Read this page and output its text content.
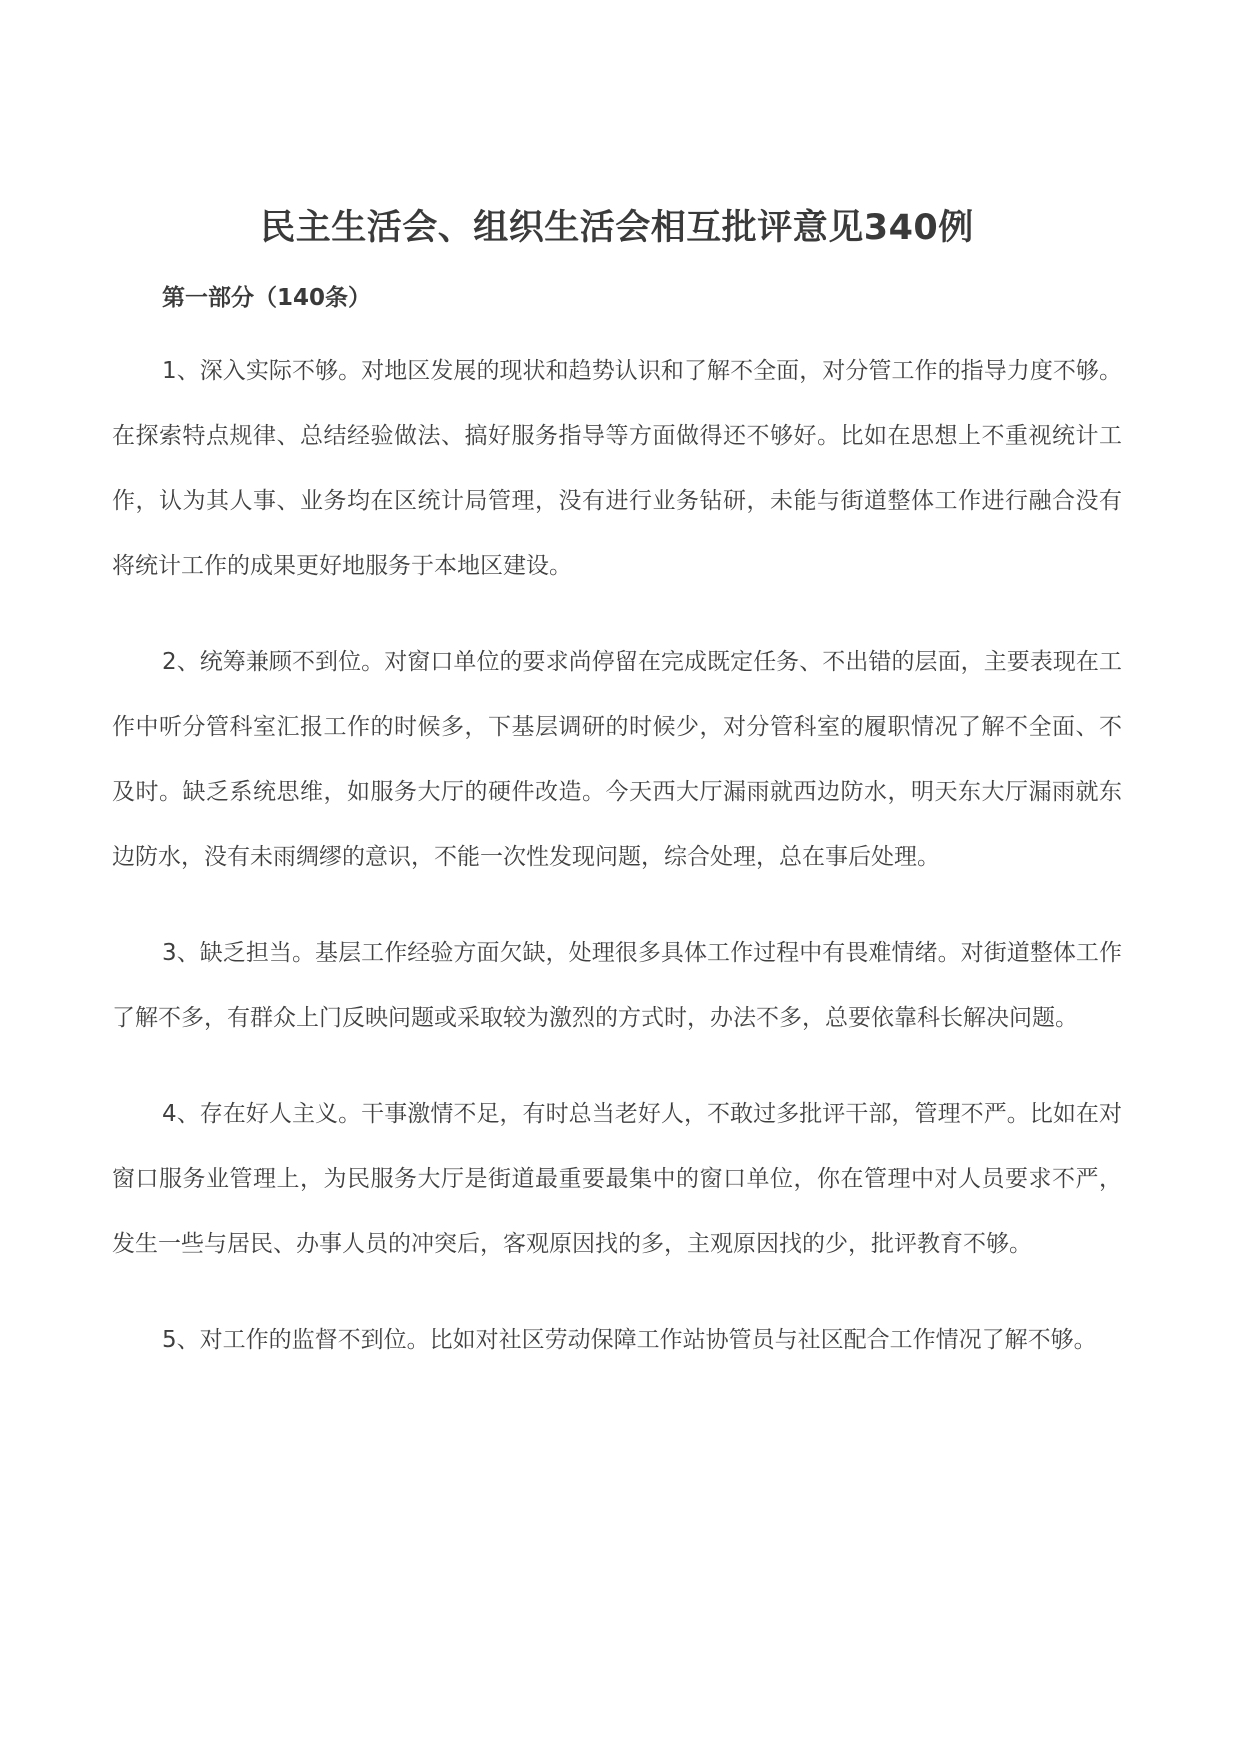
民主生活会、组织生活会相互批评意见340例
第一部分（140条）

1、深入实际不够。对地区发展的现状和趋势认识和了解不全面，对分管工作的指导力度不够。在探索特点规律、总结经验做法、搞好服务指导等方面做得还不够好。比如在思想上不重视统计工作，认为其人事、业务均在区统计局管理，没有进行业务钻研，未能与街道整体工作进行融合没有将统计工作的成果更好地服务于本地区建设。

2、统筹兼顾不到位。对窗口单位的要求尚停留在完成既定任务、不出错的层面，主要表现在工作中听分管科室汇报工作的时候多，下基层调研的时候少，对分管科室的履职情况了解不全面、不及时。缺乏系统思维，如服务大厅的硬件改造。今天西大厅漏雨就西边防水，明天东大厅漏雨就东边防水，没有未雨绸缪的意识，不能一次性发现问题，综合处理，总在事后处理。

3、缺乏担当。基层工作经验方面欠缺，处理很多具体工作过程中有畏难情绪。对街道整体工作了解不多，有群众上门反映问题或采取较为激烈的方式时，办法不多，总要依靠科长解决问题。

4、存在好人主义。干事激情不足，有时总当老好人，不敢过多批评干部，管理不严。比如在对窗口服务业管理上，为民服务大厅是街道最重要最集中的窗口单位，你在管理中对人员要求不严，发生一些与居民、办事人员的冲突后，客观原因找的多，主观原因找的少，批评教育不够。

5、对工作的监督不到位。比如对社区劳动保障工作站协管员与社区配合工作情况了解不够。
